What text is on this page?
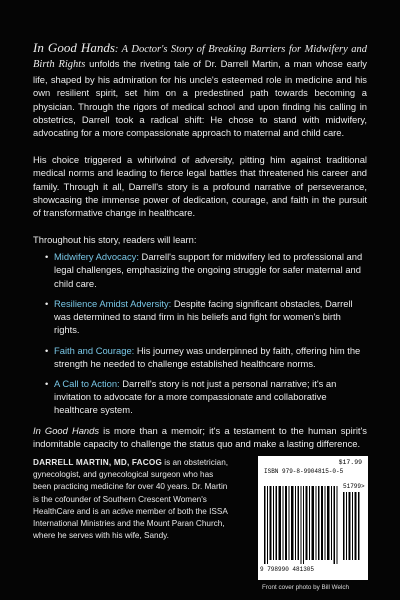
In Good Hands: A Doctor's Story of Breaking Barriers for Midwifery and Birth Rights unfolds the riveting tale of Dr. Darrell Martin, a man whose early life, shaped by his admiration for his uncle's esteemed role in medicine and his own resilient spirit, set him on a predestined path towards becoming a physician. Through the rigors of medical school and upon finding his calling in obstetrics, Darrell took a radical shift: He chose to stand with midwifery, advocating for a more compassionate approach to maternal and child care.

His choice triggered a whirlwind of adversity, pitting him against traditional medical norms and leading to fierce legal battles that threatened his career and family. Through it all, Darrell's story is a profound narrative of perseverance, showcasing the immense power of dedication, courage, and faith in the pursuit of transformative change in healthcare.

Throughout his story, readers will learn:

• Midwifery Advocacy: Darrell's support for midwifery led to professional and legal challenges, emphasizing the ongoing struggle for safer maternal and child care.
• Resilience Amidst Adversity: Despite facing significant obstacles, Darrell was determined to stand firm in his beliefs and fight for women's birth rights.
• Faith and Courage: His journey was underpinned by faith, offering him the strength he needed to challenge established healthcare norms.
• A Call to Action: Darrell's story is not just a personal narrative; it's an invitation to advocate for a more compassionate and collaborative healthcare system.

In Good Hands is more than a memoir; it's a testament to the human spirit's indomitable capacity to challenge the status quo and make a lasting difference.

DARRELL MARTIN, MD, FACOG is an obstetrician, gynecologist, and gynecological surgeon who has been practicing medicine for over 40 years. Dr. Martin is the cofounder of Southern Crescent Women's HealthCare and is an active member of both the ISSA International Ministries and the Mount Paran Church, where he serves with his wife, Sandy.

$17.99
ISBN 979-8-9904815-0-5
51799>
9 798990 481305
Front cover photo by Bill Welch
